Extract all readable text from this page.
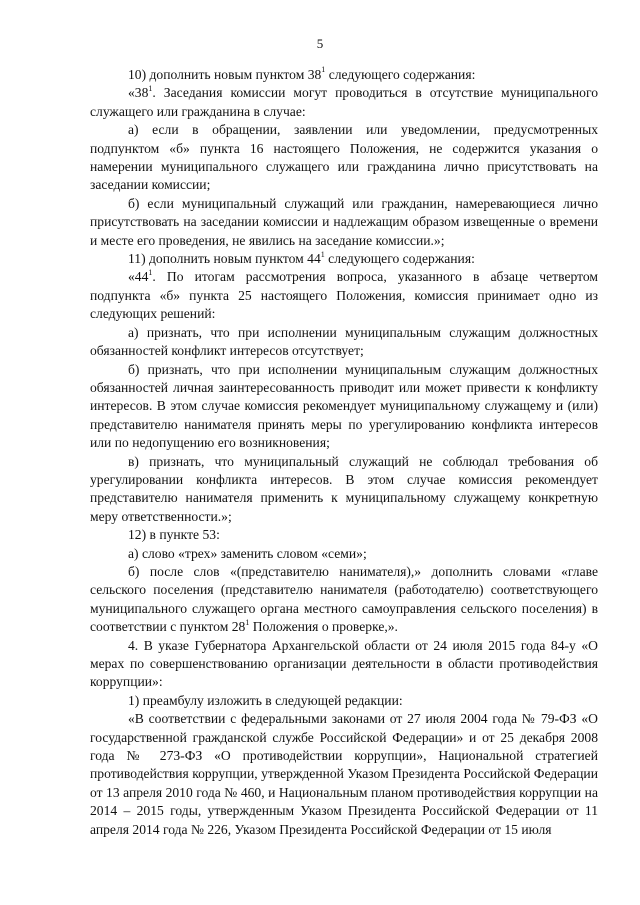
5

10) дополнить новым пунктом $38^1$ следующего содержания:

«$38^1$. Заседания комиссии могут проводиться в отсутствие муниципального служащего или гражданина в случае:

а) если в обращении, заявлении или уведомлении, предусмотренных подпунктом «б» пункта 16 настоящего Положения, не содержится указания о намерении муниципального служащего или гражданина лично присутствовать на заседании комиссии;

б) если муниципальный служащий или гражданин, намеревающиеся лично присутствовать на заседании комиссии и надлежащим образом извещенные о времени и месте его проведения, не явились на заседание комиссии.»;

11) дополнить новым пунктом $44^1$ следующего содержания:

«$44^1$. По итогам рассмотрения вопроса, указанного в абзаце четвертом подпункта «б» пункта 25 настоящего Положения, комиссия принимает одно из следующих решений:

а) признать, что при исполнении муниципальным служащим должностных обязанностей конфликт интересов отсутствует;

б) признать, что при исполнении муниципальным служащим должностных обязанностей личная заинтересованность приводит или может привести к конфликту интересов. В этом случае комиссия рекомендует муниципальному служащему и (или) представителю нанимателя принять меры по урегулированию конфликта интересов или по недопущению его возникновения;

в) признать, что муниципальный служащий не соблюдал требования об урегулировании конфликта интересов. В этом случае комиссия рекомендует представителю нанимателя применить к муниципальному служащему конкретную меру ответственности.»;

12) в пункте 53:

а) слово «трех» заменить словом «семи»;

б) после слов «(представителю нанимателя),» дополнить словами «главе сельского поселения (представителю нанимателя (работодателю) соответствующего муниципального служащего органа местного самоуправления сельского поселения) в соответствии с пунктом $28^1$ Положения о проверке,».

4. В указе Губернатора Архангельской области от 24 июля 2015 года 84-у «О мерах по совершенствованию организации деятельности в области противодействия коррупции»:

1) преамбулу изложить в следующей редакции:

«В соответствии с федеральными законами от 27 июля 2004 года № 79-ФЗ «О государственной гражданской службе Российской Федерации» и от 25 декабря 2008 года № 273-ФЗ «О противодействии коррупции», Национальной стратегией противодействия коррупции, утвержденной Указом Президента Российской Федерации от 13 апреля 2010 года № 460, и Национальным планом противодействия коррупции на 2014 – 2015 годы, утвержденным Указом Президента Российской Федерации от 11 апреля 2014 года № 226, Указом Президента Российской Федерации от 15 июля
